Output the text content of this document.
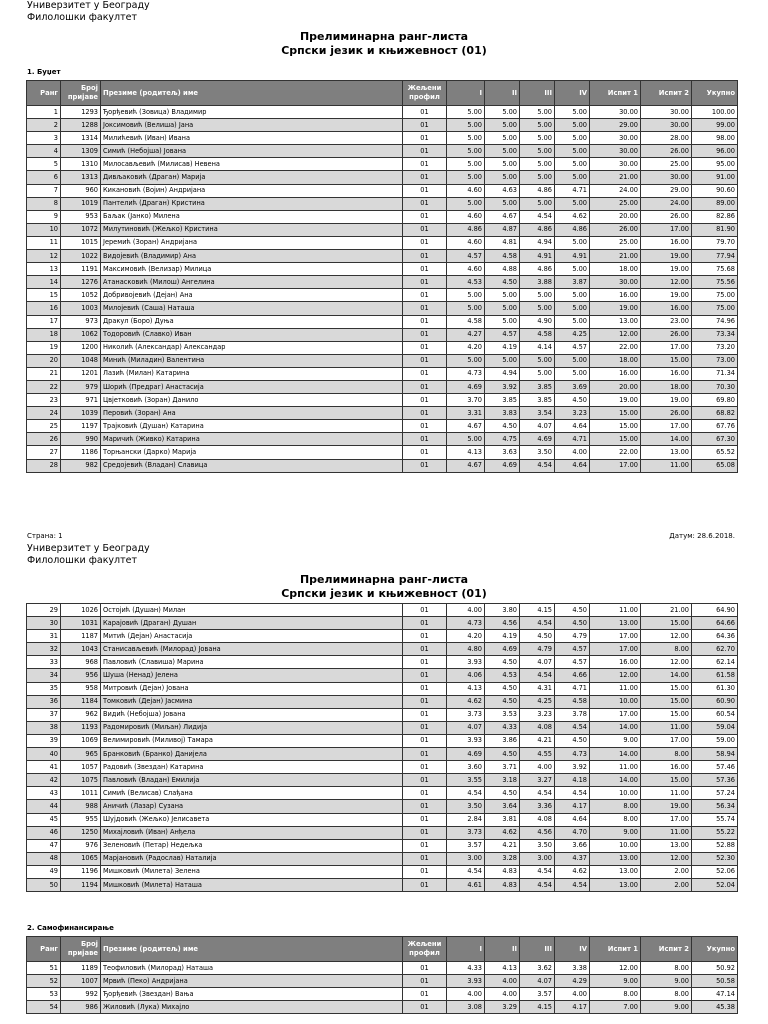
Универзитет у Београду
Филолошки факултет
Прелиминарна ранг-листа
Српски језик и књижевност (01)
1. Буџет
Ранг	Број пријаве	Презиме (родитељ) име	Жељени профил	I	II	III	IV	Испит 1	Испит 2	Укупно
1	1293	Ђорђевић (Зовица) Владимир	01	5.00	5.00	5.00	5.00	30.00	30.00	100.00
2	1288	Јоксимовић (Велиша) Јана	01	5.00	5.00	5.00	5.00	29.00	30.00	99.00
3	1314	Милићевић (Иван) Ивана	01	5.00	5.00	5.00	5.00	30.00	28.00	98.00
4	1309	Симић (Небојша) Јована	01	5.00	5.00	5.00	5.00	30.00	26.00	96.00
5	1310	Милосављевић (Милисав) Невена	01	5.00	5.00	5.00	5.00	30.00	25.00	95.00
6	1313	Дивљаковић (Драган) Марија	01	5.00	5.00	5.00	5.00	21.00	30.00	91.00
7	960	Кикановић (Војин) Андријана	01	4.60	4.63	4.86	4.71	24.00	29.00	90.60
8	1019	Пантелић (Драган) Кристина	01	5.00	5.00	5.00	5.00	25.00	24.00	89.00
9	953	Баљак (Јанко) Милена	01	4.60	4.67	4.54	4.62	20.00	26.00	82.86
10	1072	Милутиновић (Жељко) Кристина	01	4.86	4.87	4.86	4.86	26.00	17.00	81.90
11	1015	Јеремић (Зоран) Андријана	01	4.60	4.81	4.94	5.00	25.00	16.00	79.70
12	1022	Видојевић (Владимир) Ана	01	4.57	4.58	4.91	4.91	21.00	19.00	77.94
13	1191	Максимовић (Велизар) Милица	01	4.60	4.88	4.86	5.00	18.00	19.00	75.68
14	1276	Атанасковић (Милош) Ангелина	01	4.53	4.50	3.88	3.87	30.00	12.00	75.56
15	1052	Добривојевић (Дејан) Ана	01	5.00	5.00	5.00	5.00	16.00	19.00	75.00
16	1003	Милојевић (Саша) Наташа	01	5.00	5.00	5.00	5.00	19.00	16.00	75.00
17	973	Дракул (Боро) Дуња	01	4.58	5.00	4.90	5.00	13.00	23.00	74.96
18	1062	Тодоровић (Славко) Иван	01	4.27	4.57	4.58	4.25	12.00	26.00	73.34
19	1200	Николић (Александар) Александар	01	4.20	4.19	4.14	4.57	22.00	17.00	73.20
20	1048	Минић (Миладин) Валентина	01	5.00	5.00	5.00	5.00	18.00	15.00	73.00
21	1201	Лазић (Милан) Катарина	01	4.73	4.94	5.00	5.00	16.00	16.00	71.34
22	979	Шорић (Предраг) Анастасија	01	4.69	3.92	3.85	3.69	20.00	18.00	70.30
23	971	Цвјетковић (Зоран) Данило	01	3.70	3.85	3.85	4.50	19.00	19.00	69.80
24	1039	Перовић (Зоран) Ана	01	3.31	3.83	3.54	3.23	15.00	26.00	68.82
25	1197	Трајковић (Душан) Катарина	01	4.67	4.50	4.07	4.64	15.00	17.00	67.76
26	990	Маричић (Живко) Катарина	01	5.00	4.75	4.69	4.71	15.00	14.00	67.30
27	1186	Торњански (Дарко) Марија	01	4.13	3.63	3.50	4.00	22.00	13.00	65.52
28	982	Средојевић (Владан) Славица	01	4.67	4.69	4.54	4.64	17.00	11.00	65.08
Страна: 1	Датум: 28.6.2018.
Универзитет у Београду
Филолошки факултет
Прелиминарна ранг-листа
Српски језик и књижевност (01)
29	1026	Остојић (Душан) Милан	01	4.00	3.80	4.15	4.50	11.00	21.00	64.90
30	1031	Карајовић (Драган) Душан	01	4.73	4.56	4.54	4.50	13.00	15.00	64.66
31	1187	Митић (Дејан) Анастасија	01	4.20	4.19	4.50	4.79	17.00	12.00	64.36
32	1043	Станисављевић (Милорад) Јована	01	4.80	4.69	4.79	4.57	17.00	8.00	62.70
33	968	Павловић (Славиша) Марина	01	3.93	4.50	4.07	4.57	16.00	12.00	62.14
34	956	Шуша (Ненад) Јелена	01	4.06	4.53	4.54	4.66	12.00	14.00	61.58
35	958	Митровић (Дејан) Јована	01	4.13	4.50	4.31	4.71	11.00	15.00	61.30
36	1184	Томковић (Дејан) Јасмина	01	4.62	4.50	4.25	4.58	10.00	15.00	60.90
37	962	Видић (Небојша) Јована	01	3.73	3.53	3.23	3.78	17.00	15.00	60.54
38	1193	Радомировић (Миљан) Лидија	01	4.07	4.33	4.08	4.54	14.00	11.00	59.04
39	1069	Велимировић (Миливој) Тамара	01	3.93	3.86	4.21	4.50	9.00	17.00	59.00
40	965	Бранковић (Бранко) Данијела	01	4.69	4.50	4.55	4.73	14.00	8.00	58.94
41	1057	Радовић (Звездан) Катарина	01	3.60	3.71	4.00	3.92	11.00	16.00	57.46
42	1075	Павловић (Владан) Емилија	01	3.55	3.18	3.27	4.18	14.00	15.00	57.36
43	1011	Симић (Велисав) Слађана	01	4.54	4.50	4.54	4.54	10.00	11.00	57.24
44	988	Аничић (Лазар) Сузана	01	3.50	3.64	3.36	4.17	8.00	19.00	56.34
45	955	Шујдовић (Жељко) Јелисавета	01	2.84	3.81	4.08	4.64	8.00	17.00	55.74
46	1250	Михајловић (Иван) Анђела	01	3.73	4.62	4.56	4.70	9.00	11.00	55.22
47	976	Зеленовић (Петар) Недељка	01	3.57	4.21	3.50	3.66	10.00	13.00	52.88
48	1065	Марјановић (Радослав) Наталија	01	3.00	3.28	3.00	4.37	13.00	12.00	52.30
49	1196	Мишковић (Милета) Зелена	01	4.54	4.83	4.54	4.62	13.00	2.00	52.06
50	1194	Мишковић (Милета) Наташа	01	4.61	4.83	4.54	4.54	13.00	2.00	52.04
2. Самофинансирање
Ранг	Број пријаве	Презиме (родитељ) име	Жељени профил	I	II	III	IV	Испит 1	Испит 2	Укупно
51	1189	Теофиловић (Милорад) Наташа	01	4.33	4.13	3.62	3.38	12.00	8.00	50.92
52	1007	Мрвић (Пеко) Андријана	01	3.93	4.00	4.07	4.29	9.00	9.00	50.58
53	992	Ђорђевић (Звездан) Вања	01	4.00	4.00	3.57	4.00	8.00	8.00	47.14
54	986	Жиловић (Лука) Михајло	01	3.08	3.29	4.15	4.17	7.00	9.00	45.38
